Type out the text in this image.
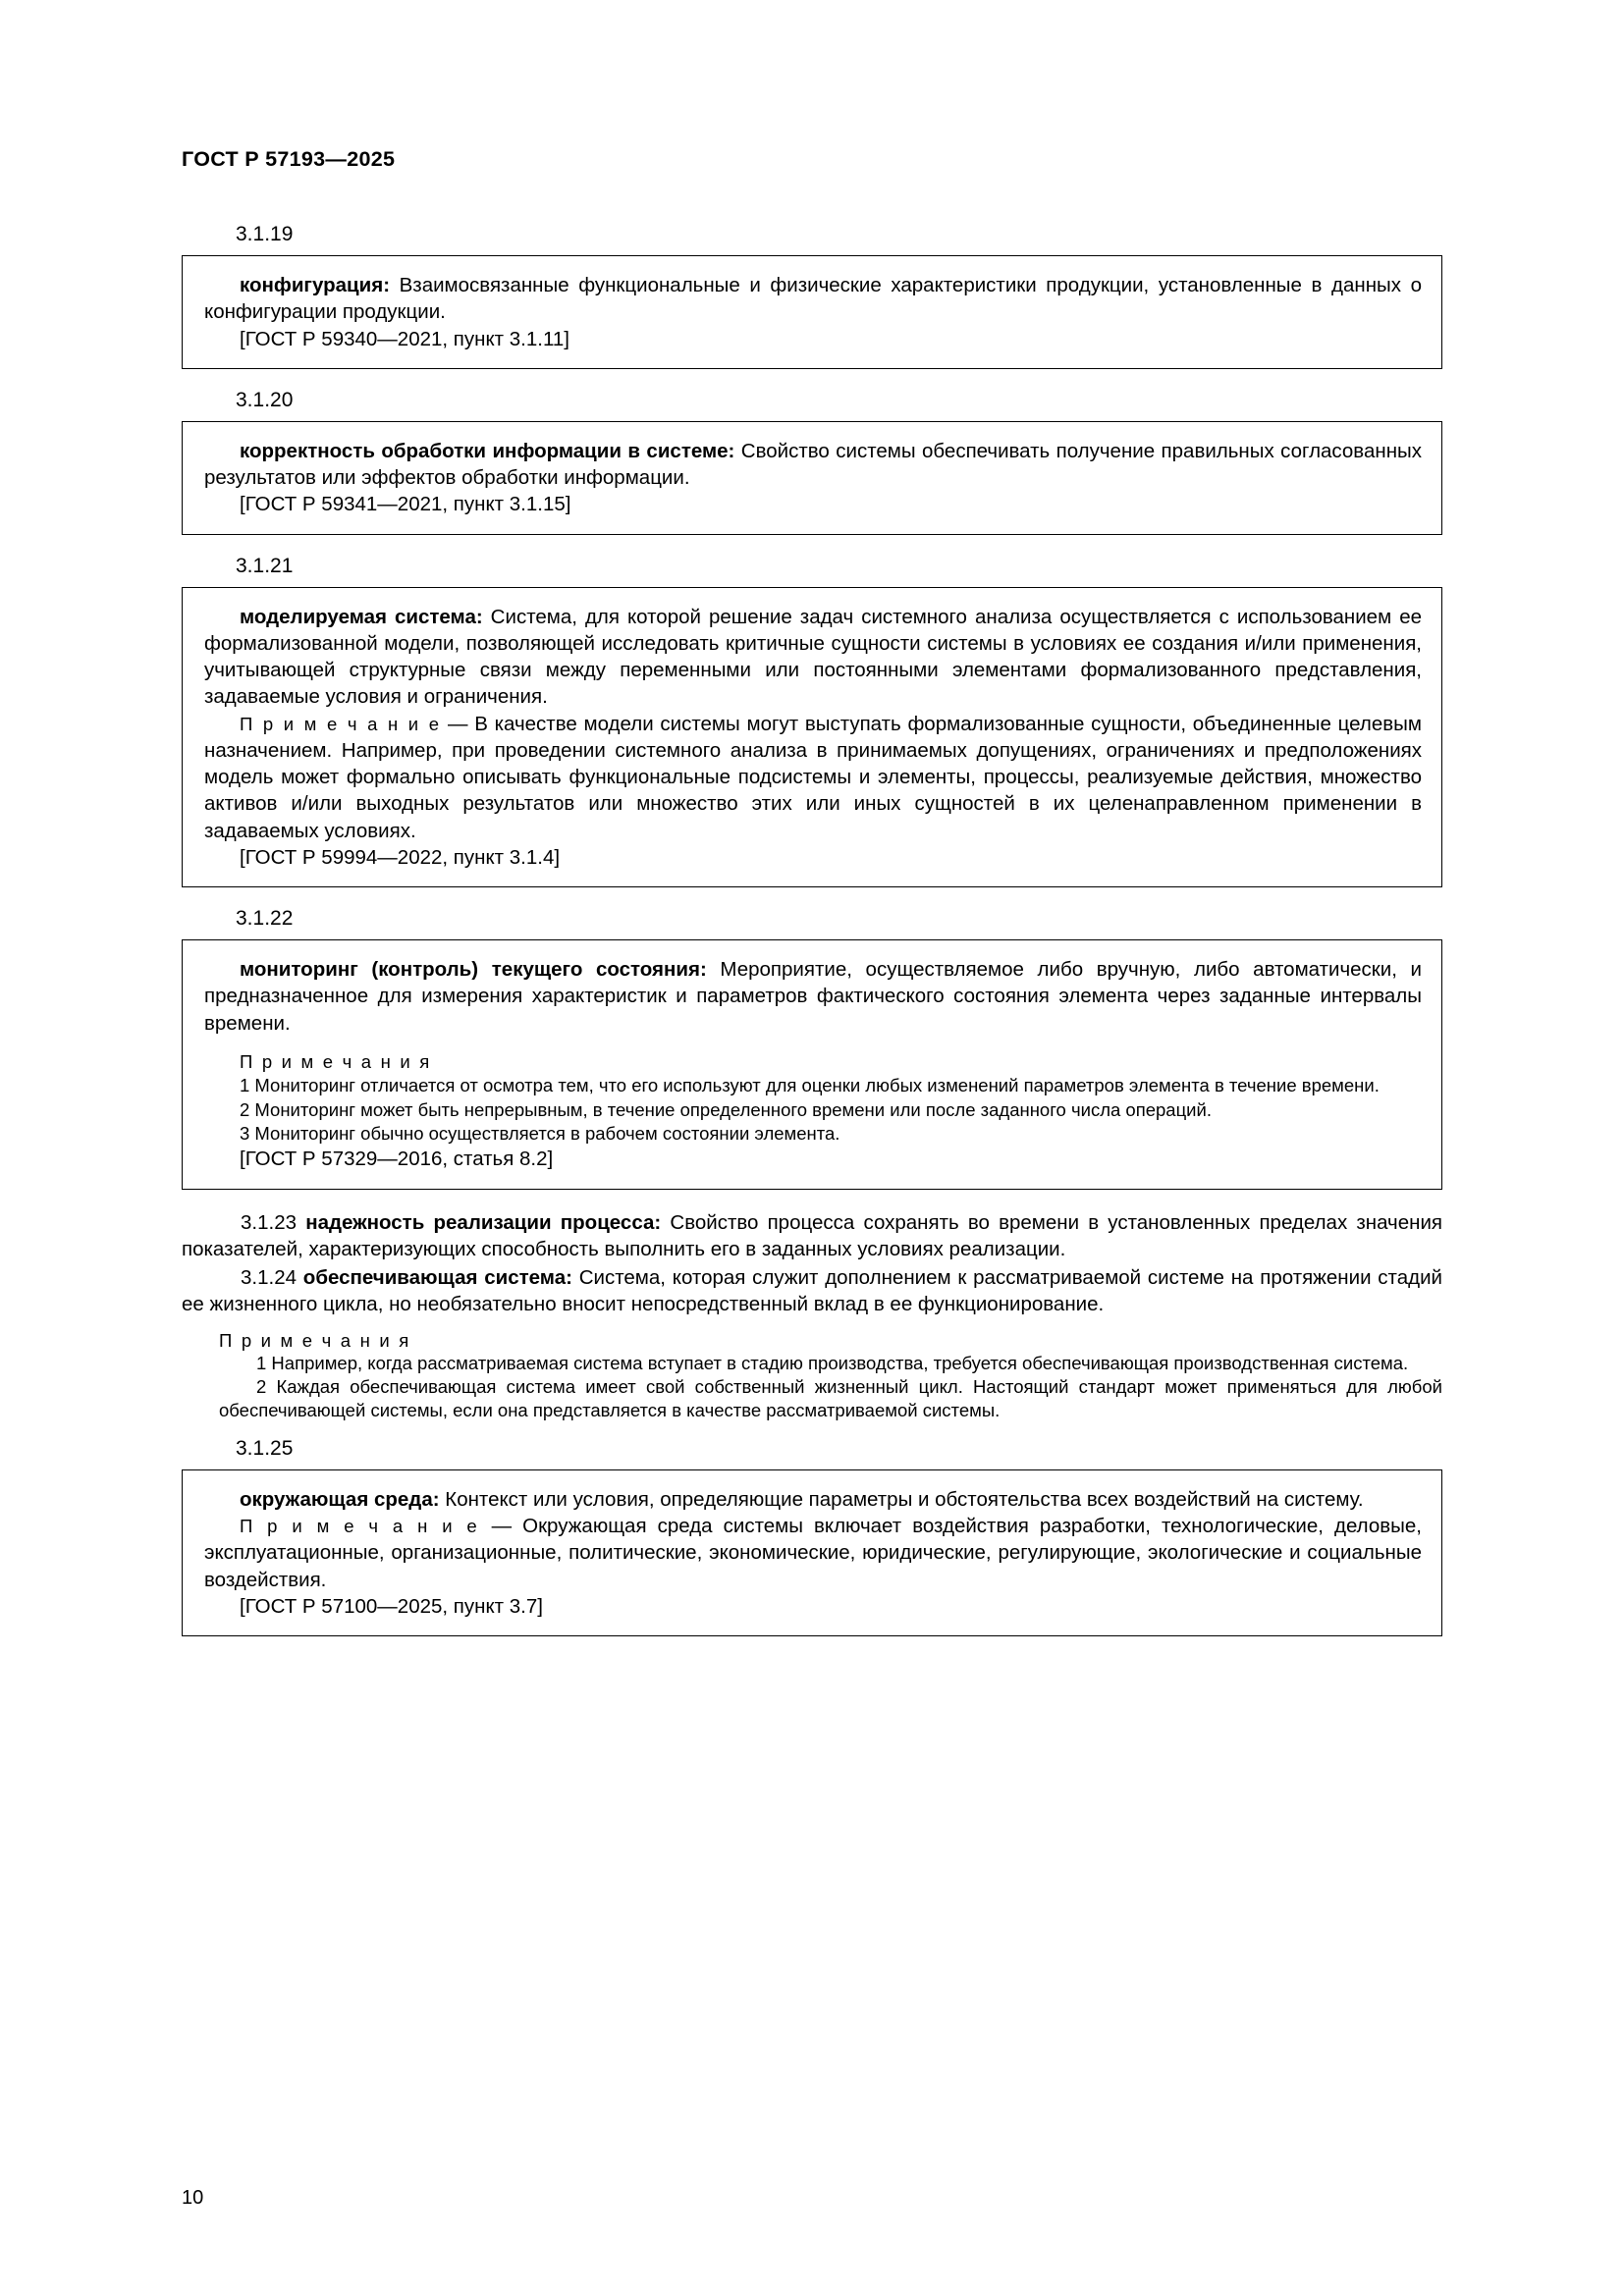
ГОСТ Р 57193—2025
3.1.19

конфигурация: Взаимосвязанные функциональные и физические характеристики продукции, установленные в данных о конфигурации продукции.

[ГОСТ Р 59340—2021, пункт 3.1.11]

3.1.20

корректность обработки информации в системе: Свойство системы обеспечивать получение правильных согласованных результатов или эффектов обработки информации.

[ГОСТ Р 59341—2021, пункт 3.1.15]

3.1.21

моделируемая система: Система, для которой решение задач системного анализа осуществляется с использованием ее формализованной модели, позволяющей исследовать критичные сущности системы в условиях ее создания и/или применения, учитывающей структурные связи между переменными или постоянными элементами формализованного представления, задаваемые условия и ограничения.

П р и м е ч а н и е — В качестве модели системы могут выступать формализованные сущности, объединенные целевым назначением. Например, при проведении системного анализа в принимаемых допущениях, ограничениях и предположениях модель может формально описывать функциональные подсистемы и элементы, процессы, реализуемые действия, множество активов и/или выходных результатов или множество этих или иных сущностей в их целенаправленном применении в задаваемых условиях.

[ГОСТ Р 59994—2022, пункт 3.1.4]

3.1.22

мониторинг (контроль) текущего состояния: Мероприятие, осуществляемое либо вручную, либо автоматически, и предназначенное для измерения характеристик и параметров фактического состояния элемента через заданные интервалы времени.

П р и м е ч а н и я

1 Мониторинг отличается от осмотра тем, что его используют для оценки любых изменений параметров элемента в течение времени.

2 Мониторинг может быть непрерывным, в течение определенного времени или после заданного числа операций.

3 Мониторинг обычно осуществляется в рабочем состоянии элемента.

[ГОСТ Р 57329—2016, статья 8.2]

3.1.23 надежность реализации процесса: Свойство процесса сохранять во времени в установленных пределах значения показателей, характеризующих способность выполнить его в заданных условиях реализации.

3.1.24 обеспечивающая система: Система, которая служит дополнением к рассматриваемой системе на протяжении стадий ее жизненного цикла, но необязательно вносит непосредственный вклад в ее функционирование.

П р и м е ч а н и я

1 Например, когда рассматриваемая система вступает в стадию производства, требуется обеспечивающая производственная система.

2 Каждая обеспечивающая система имеет свой собственный жизненный цикл. Настоящий стандарт может применяться для любой обеспечивающей системы, если она представляется в качестве рассматриваемой системы.

3.1.25

окружающая среда: Контекст или условия, определяющие параметры и обстоятельства всех воздействий на систему.

П р и м е ч а н и е — Окружающая среда системы включает воздействия разработки, технологические, деловые, эксплуатационные, организационные, политические, экономические, юридические, регулирующие, экологические и социальные воздействия.

[ГОСТ Р 57100—2025, пункт 3.7]

10
